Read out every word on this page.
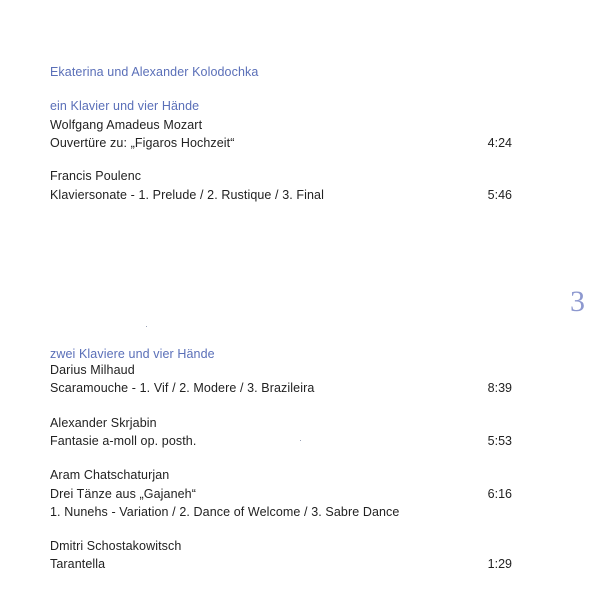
Ekaterina und Alexander Kolodochka
ein Klavier und vier Hände
Wolfgang Amadeus Mozart
Ouvertüre zu: „Figaros Hochzeit“	4:24
Francis Poulenc
Klaviersonate - 1. Prelude / 2. Rustique / 3. Final	5:46
3
zwei Klaviere und vier Hände
Darius Milhaud
Scaramouche - 1. Vif / 2. Modere / 3. Brazileira	8:39
Alexander Skrjabin
Fantasie a-moll op. posth.	5:53
Aram Chatschaturjan
Drei Tänze aus „Gajaneh“	6:16
1. Nunehs - Variation / 2. Dance of Welcome / 3. Sabre Dance
Dmitri Schostakowitsch
Tarantella	1:29
